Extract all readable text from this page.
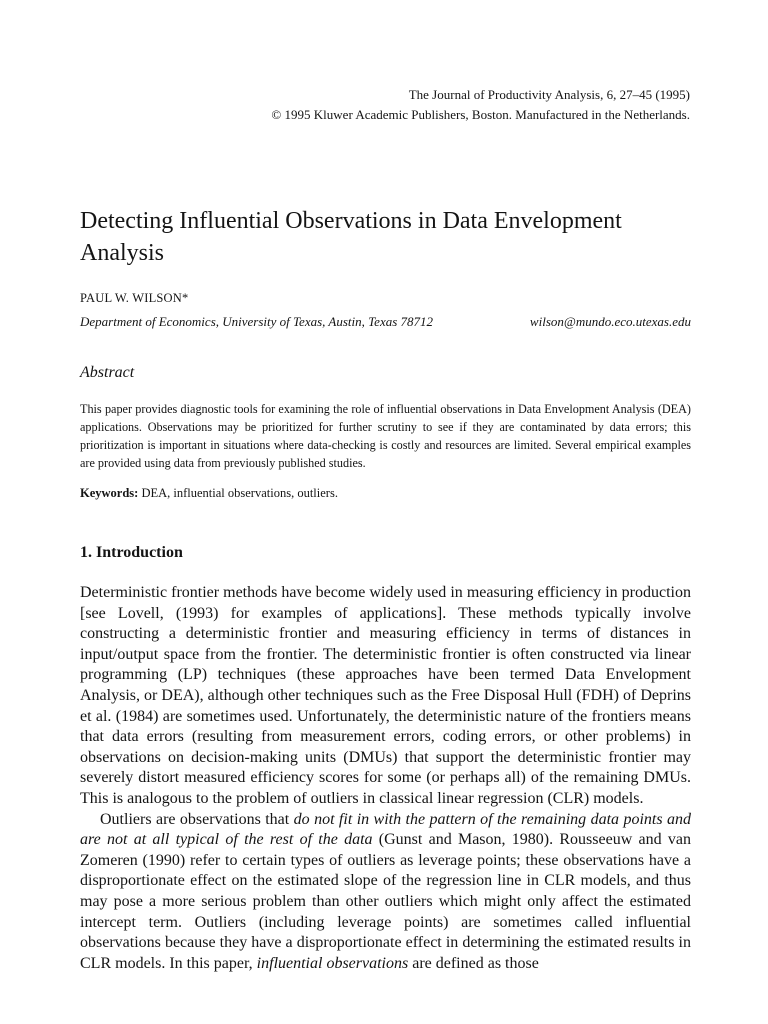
The Journal of Productivity Analysis, 6, 27–45 (1995)
© 1995 Kluwer Academic Publishers, Boston. Manufactured in the Netherlands.
Detecting Influential Observations in Data Envelopment Analysis
PAUL W. WILSON*
Department of Economics, University of Texas, Austin, Texas 78712	wilson@mundo.eco.utexas.edu
Abstract

This paper provides diagnostic tools for examining the role of influential observations in Data Envelopment Analysis (DEA) applications. Observations may be prioritized for further scrutiny to see if they are contaminated by data errors; this prioritization is important in situations where data-checking is costly and resources are limited. Several empirical examples are provided using data from previously published studies.

Keywords: DEA, influential observations, outliers.
1. Introduction

Deterministic frontier methods have become widely used in measuring efficiency in production [see Lovell, (1993) for examples of applications]. These methods typically involve constructing a deterministic frontier and measuring efficiency in terms of distances in input/output space from the frontier. The deterministic frontier is often constructed via linear programming (LP) techniques (these approaches have been termed Data Envelopment Analysis, or DEA), although other techniques such as the Free Disposal Hull (FDH) of Deprins et al. (1984) are sometimes used. Unfortunately, the deterministic nature of the frontiers means that data errors (resulting from measurement errors, coding errors, or other problems) in observations on decision-making units (DMUs) that support the deterministic frontier may severely distort measured efficiency scores for some (or perhaps all) of the remaining DMUs. This is analogous to the problem of outliers in classical linear regression (CLR) models.

Outliers are observations that do not fit in with the pattern of the remaining data points and are not at all typical of the rest of the data (Gunst and Mason, 1980). Rousseeuw and van Zomeren (1990) refer to certain types of outliers as leverage points; these observations have a disproportionate effect on the estimated slope of the regression line in CLR models, and thus may pose a more serious problem than other outliers which might only affect the estimated intercept term. Outliers (including leverage points) are sometimes called influential observations because they have a disproportionate effect in determining the estimated results in CLR models. In this paper, influential observations are defined as those
